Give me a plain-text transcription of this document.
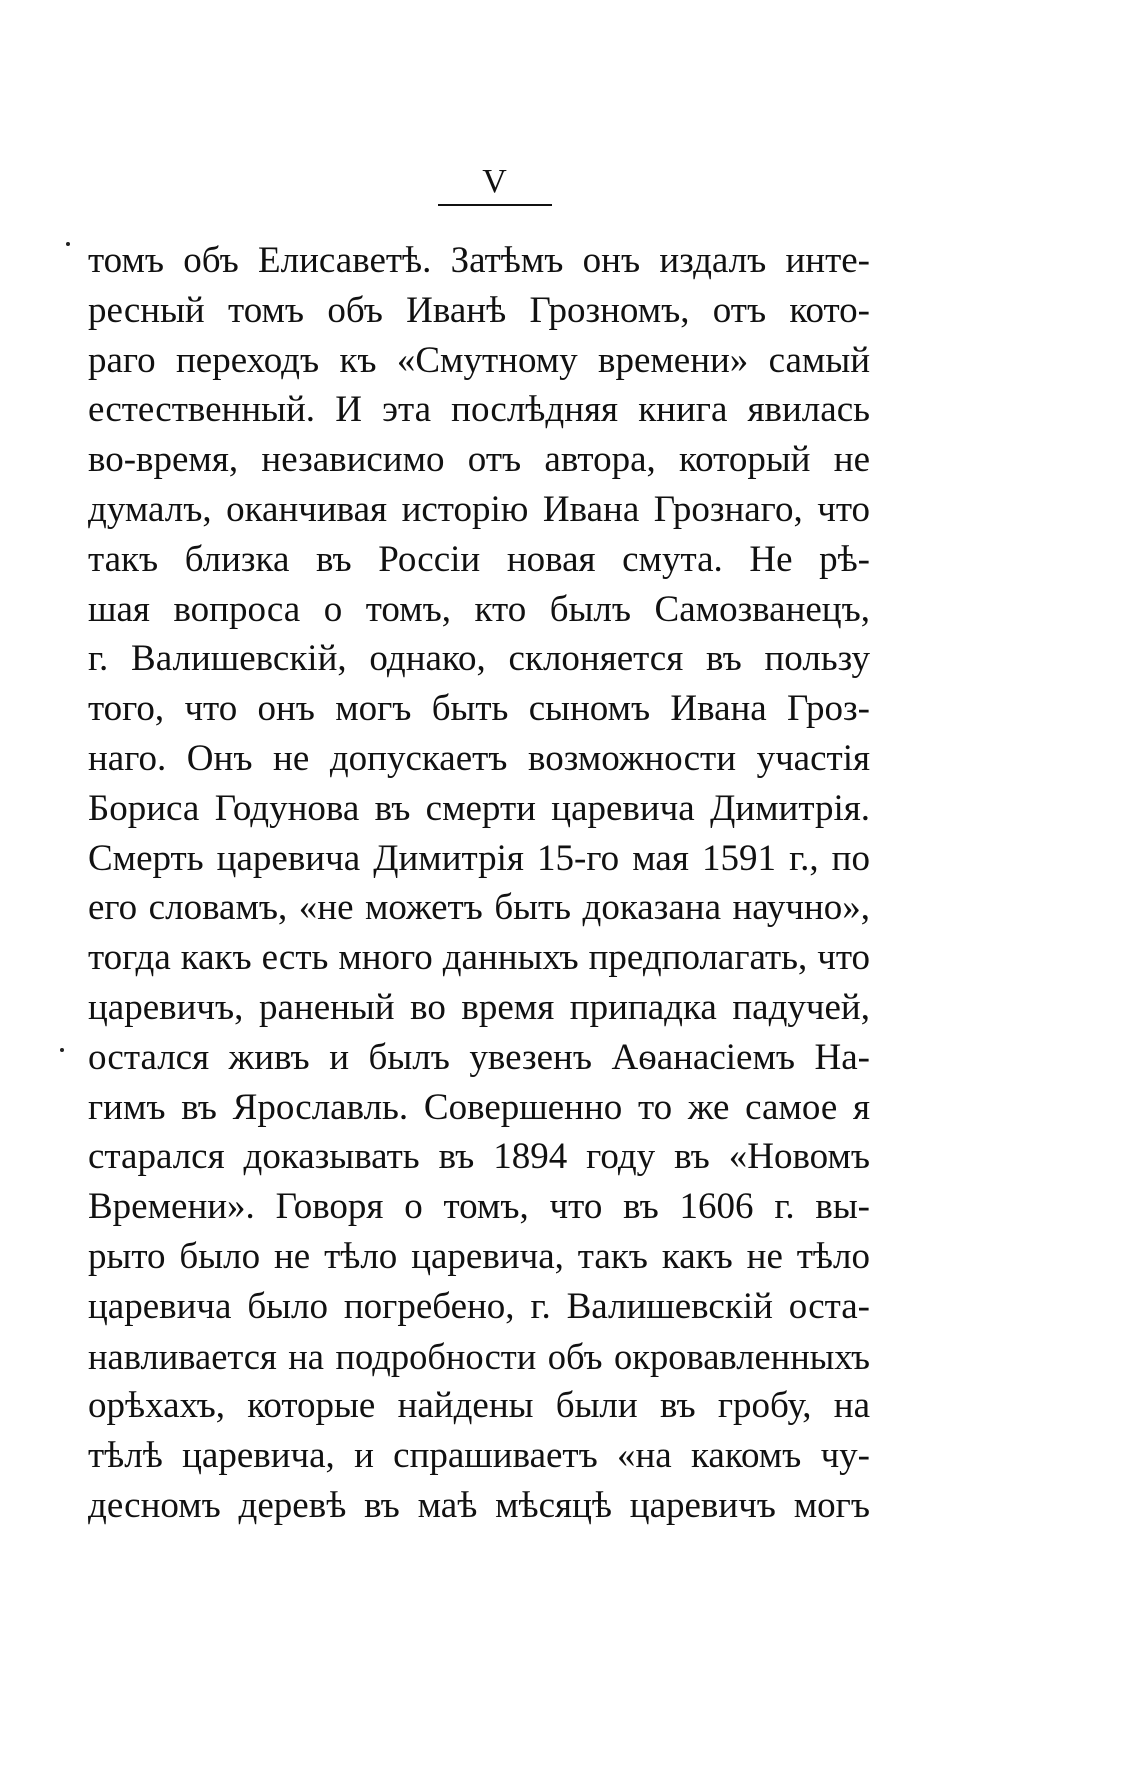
V
томъ объ Елисаветѣ. Затѣмъ онъ издалъ инте-
ресный томъ объ Иванѣ Грозномъ, отъ кото-
раго переходъ къ «Смутному времени» самый
естественный. И эта послѣдняя книга явилась
во-время, независимо отъ автора, который не
думалъ, оканчивая исторію Ивана Грознаго, что
такъ близка въ Россіи новая смута. Не рѣ-
шая вопроса о томъ, кто былъ Самозванецъ,
г. Валишевскій, однако, склоняется въ пользу
того, что онъ могъ быть сыномъ Ивана Гроз-
наго. Онъ не допускаетъ возможности участія
Бориса Годунова въ смерти царевича Димитрія.
Смерть царевича Димитрія 15-го мая 1591 г., по
его словамъ, «не можетъ быть доказана научно»,
тогда какъ есть много данныхъ предполагать, что
царевичъ, раненый во время припадка падучей,
остался живъ и былъ увезенъ Аѳанасіемъ На-
гимъ въ Ярославль. Совершенно то же самое я
старался доказывать въ 1894 году въ «Новомъ
Времени». Говоря о томъ, что въ 1606 г. вы-
рыто было не тѣло царевича, такъ какъ не тѣло
царевича было погребено, г. Валишевскій оста-
навливается на подробности объ окровавленныхъ
орѣхахъ, которые найдены были въ гробу, на
тѣлѣ царевича, и спрашиваетъ «на какомъ чу-
десномъ деревѣ въ маѣ мѣсяцѣ царевичъ могъ
